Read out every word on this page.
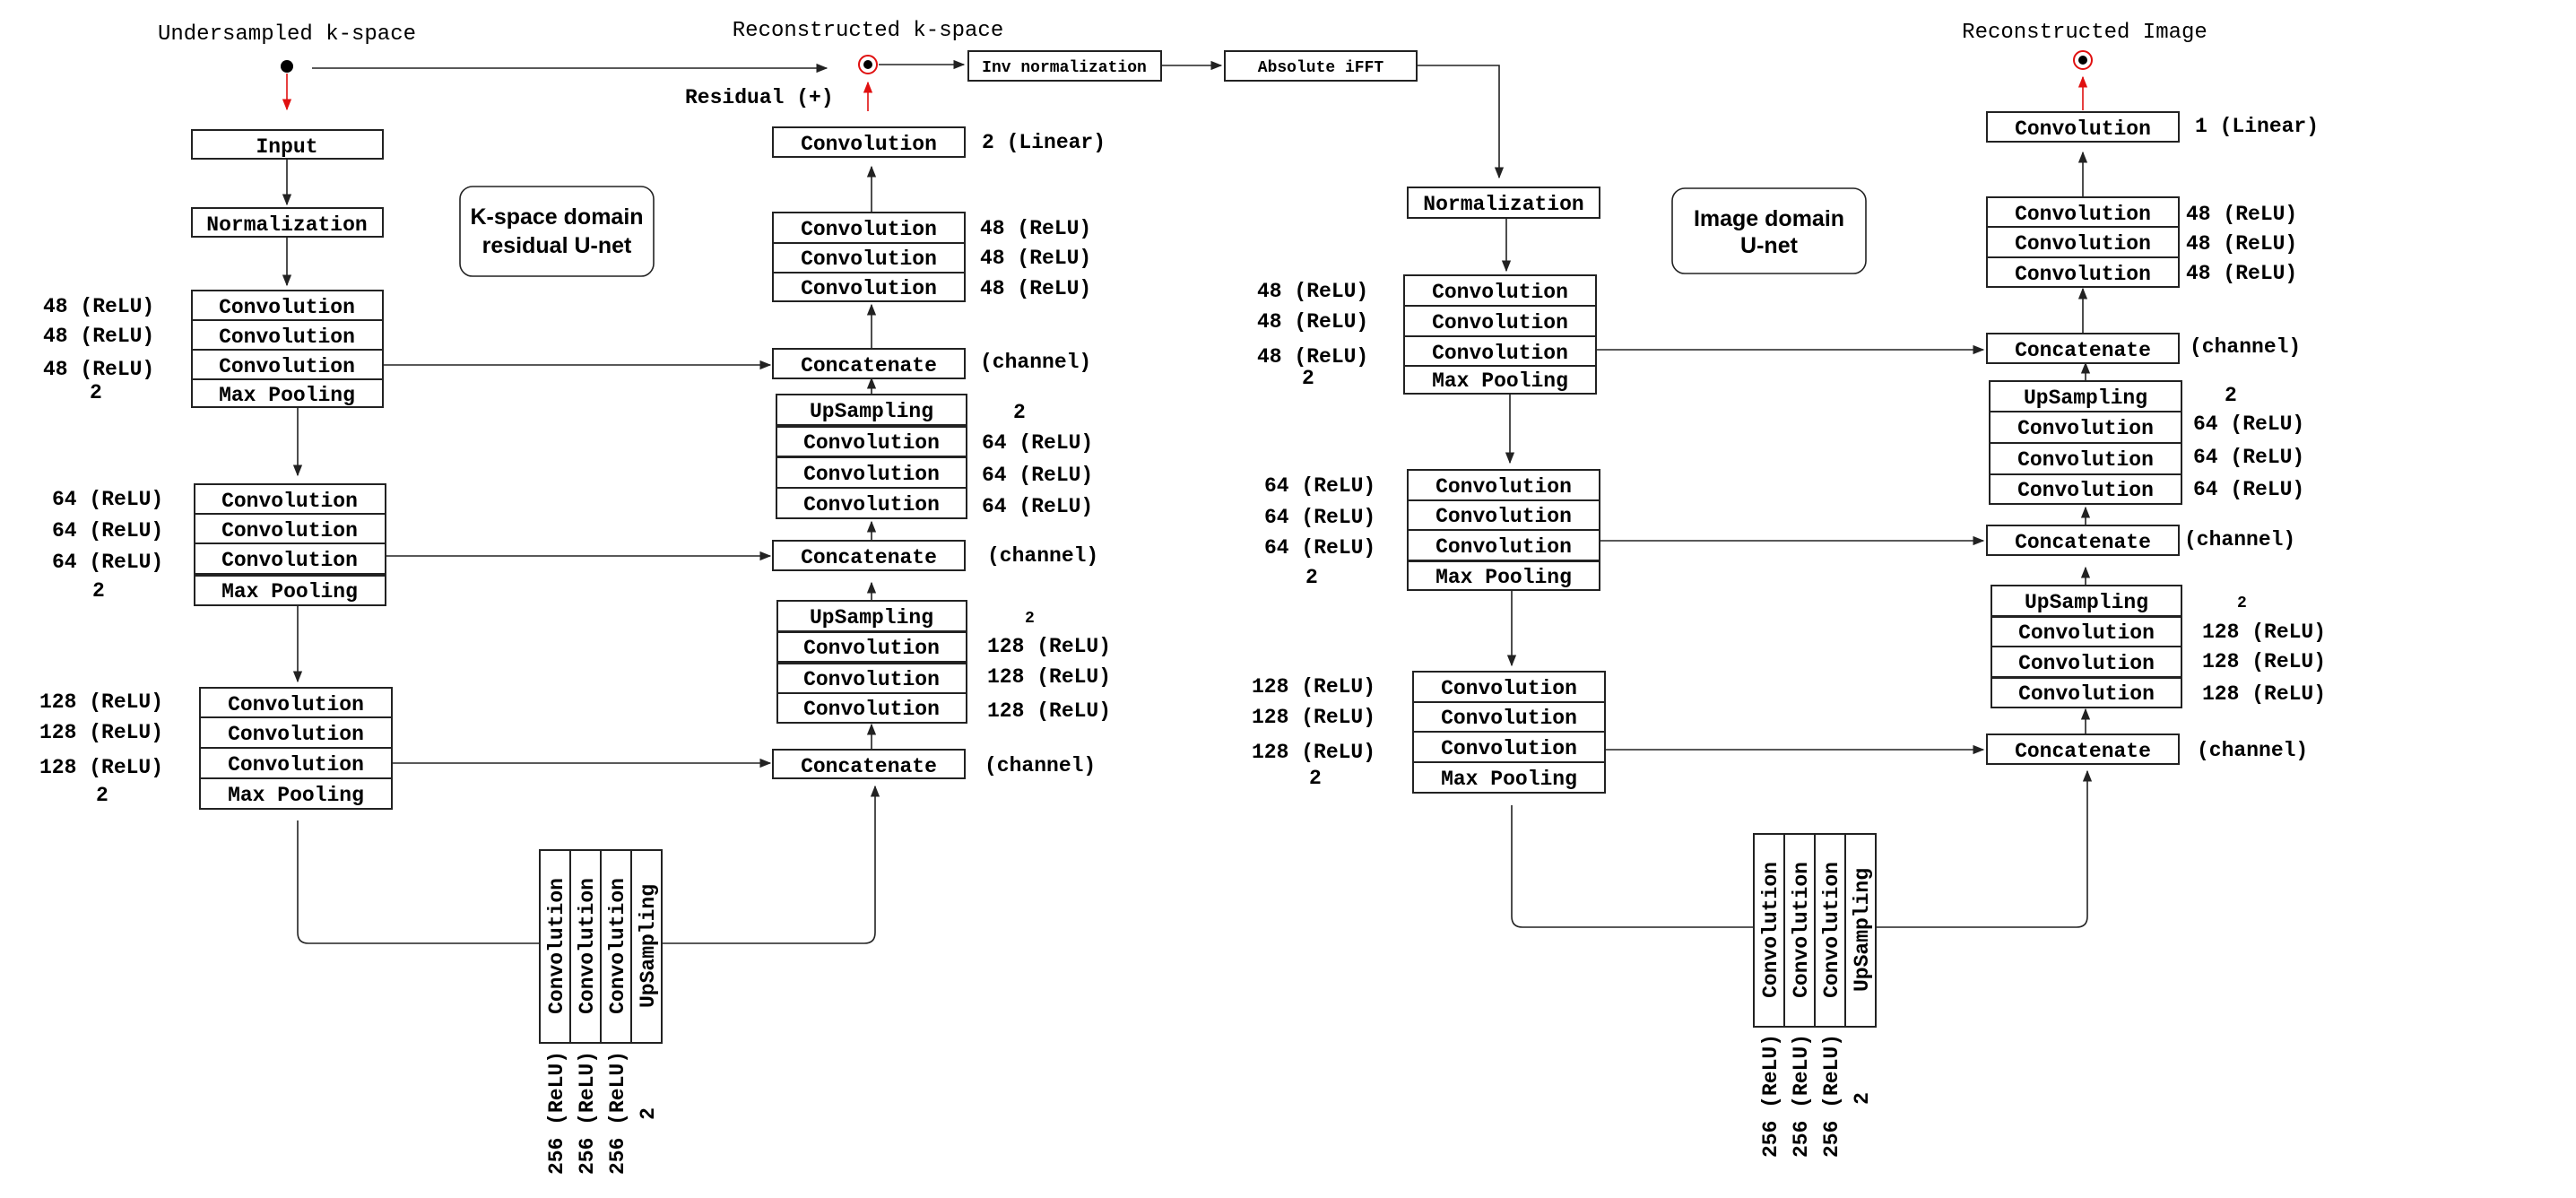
Undersampled k-space
Input
Normalization
Convolution
Convolution
Convolution
Max Pooling
48 (ReLU)
48 (ReLU)
48 (ReLU)
2
Convolution
Convolution
Convolution
Max Pooling
64 (ReLU)
64 (ReLU)
64 (ReLU)
2
Convolution
Convolution
Convolution
Max Pooling
128 (ReLU)
128 (ReLU)
128 (ReLU)
2
Convolution Convolution Convolution UpSampling
256 (ReLU) 256 (ReLU) 256 (ReLU) 2
Concatenate (channel)
UpSampling
Convolution
Convolution
Convolution
2
128 (ReLU)
128 (ReLU)
128 (ReLU)
Concatenate (channel)
UpSampling
Convolution
Convolution
Convolution
2
64 (ReLU)
64 (ReLU)
64 (ReLU)
Concatenate (channel)
Convolution
Convolution
Convolution
48 (ReLU)
48 (ReLU)
48 (ReLU)
Convolution 2 (Linear)
Reconstructed k-space
Residual (+)
K-space domain
residual U-net
Inv normalization	Absolute iFFT
Normalization
Convolution
Convolution
Convolution
Max Pooling
48 (ReLU)
48 (ReLU)
48 (ReLU)
2
Convolution
Convolution
Convolution
Max Pooling
64 (ReLU)
64 (ReLU)
64 (ReLU)
2
Convolution
Convolution
Convolution
Max Pooling
128 (ReLU)
128 (ReLU)
128 (ReLU)
2
Convolution Convolution Convolution UpSampling
256 (ReLU) 256 (ReLU) 256 (ReLU) 2
Concatenate (channel)
UpSampling
Convolution
Convolution
Convolution
2
128 (ReLU)
128 (ReLU)
128 (ReLU)
Concatenate (channel)
UpSampling
Convolution
Convolution
Convolution
2
64 (ReLU)
64 (ReLU)
64 (ReLU)
Concatenate (channel)
Convolution
Convolution
Convolution
48 (ReLU)
48 (ReLU)
48 (ReLU)
Convolution 1 (Linear)
Reconstructed Image
Image domain
U-net
